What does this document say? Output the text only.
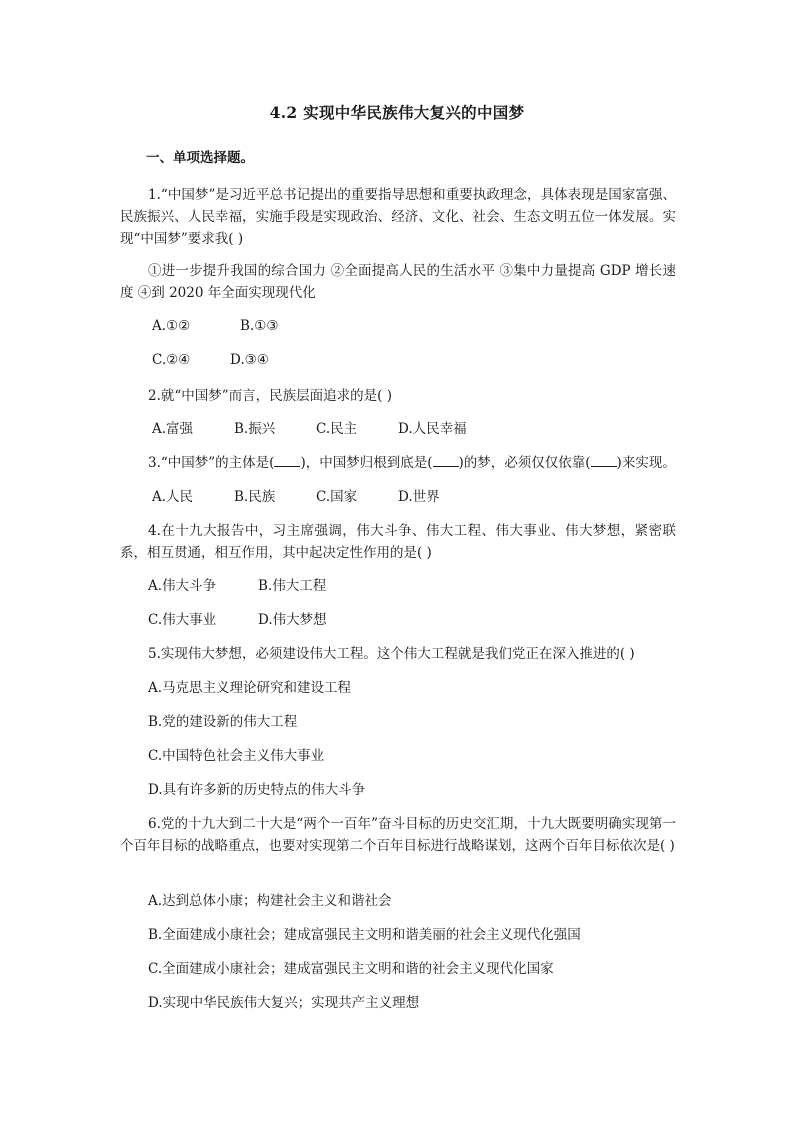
4.2 实现中华民族伟大复兴的中国梦
一、单项选择题。
1.“中国梦”是习近平总书记提出的重要指导思想和重要执政理念，具体表现是国家富强、民族振兴、人民幸福，实施手段是实现政治、经济、文化、社会、生态文明五位一体发展。实现“中国梦”要求我( )
①进一步提升我国的综合国力 ②全面提高人民的生活水平 ③集中力量提高 GDP 增长速度 ④到 2020 年全面实现现代化
A.①②	B.①③
C.②④	D.③④
2.就“中国梦”而言，民族层面追求的是( )
A.富强	B.振兴	C.民主	D.人民幸福
3.“中国梦”的主体是( )，中国梦归根到底是( )的梦，必须仅仅依靠( )来实现。
A.人民	B.民族	C.国家	D.世界
4.在十九大报告中，习主席强调，伟大斗争、伟大工程、伟大事业、伟大梦想，紧密联系，相互贯通，相互作用，其中起决定性作用的是( )
A.伟大斗争	B.伟大工程
C.伟大事业	D.伟大梦想
5.实现伟大梦想，必须建设伟大工程。这个伟大工程就是我们党正在深入推进的( )
A.马克思主义理论研究和建设工程
B.党的建设新的伟大工程
C.中国特色社会主义伟大事业
D.具有许多新的历史特点的伟大斗争
6.党的十九大到二十大是“两个一百年”奋斗目标的历史交汇期，十九大既要明确实现第一个百年目标的战略重点，也要对实现第二个百年目标进行战略谋划，这两个百年目标依次是( )
A.达到总体小康；构建社会主义和谐社会
B.全面建成小康社会；建成富强民主文明和谐美丽的社会主义现代化强国
C.全面建成小康社会；建成富强民主文明和谐的社会主义现代化国家
D.实现中华民族伟大复兴；实现共产主义理想
